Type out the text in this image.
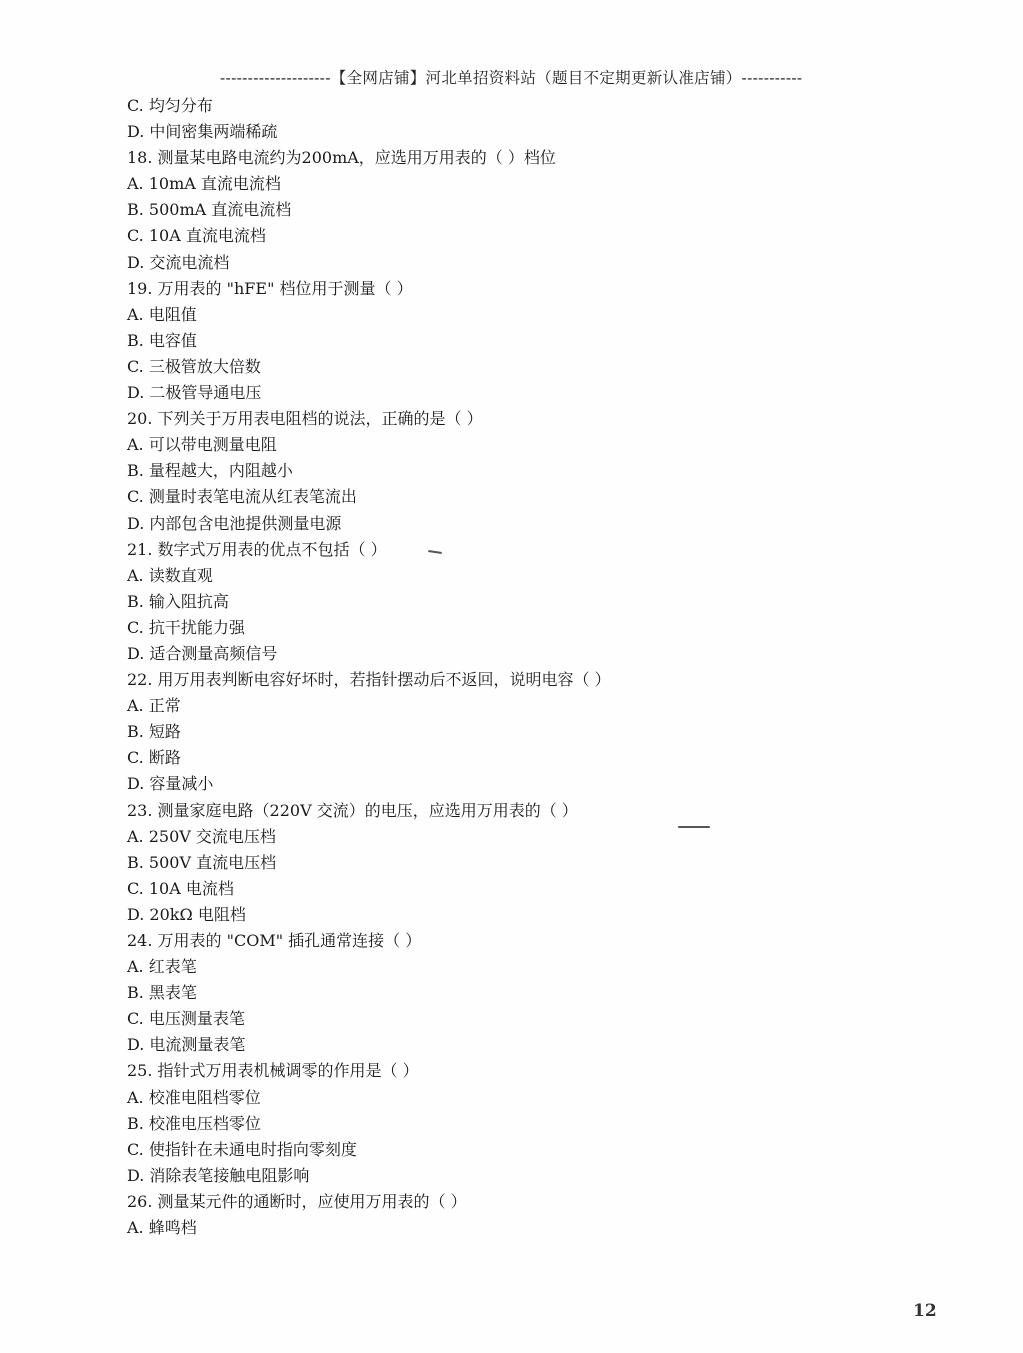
--------------------【全网店铺】河北单招资料站（题目不定期更新认准店铺）-----------
C. 均匀分布
D. 中间密集两端稀疏
18. 测量某电路电流约为200mA，应选用万用表的（ ）档位
A. 10mA 直流电流档
B. 500mA 直流电流档
C. 10A 直流电流档
D. 交流电流档
19. 万用表的 "hFE" 档位用于测量（ ）
A. 电阻值
B. 电容值
C. 三极管放大倍数
D. 二极管导通电压
20. 下列关于万用表电阻档的说法，正确的是（ ）
A. 可以带电测量电阻
B. 量程越大，内阻越小
C. 测量时表笔电流从红表笔流出
D. 内部包含电池提供测量电源
21. 数字式万用表的优点不包括（ ）
A. 读数直观
B. 输入阻抗高
C. 抗干扰能力强
D. 适合测量高频信号
22. 用万用表判断电容好坏时，若指针摆动后不返回，说明电容（ ）
A. 正常
B. 短路
C. 断路
D. 容量减小
23. 测量家庭电路（220V 交流）的电压，应选用万用表的（ ）
A. 250V 交流电压档
B. 500V 直流电压档
C. 10A 电流档
D. 20kΩ 电阻档
24. 万用表的 "COM" 插孔通常连接（ ）
A. 红表笔
B. 黑表笔
C. 电压测量表笔
D. 电流测量表笔
25. 指针式万用表机械调零的作用是（ ）
A. 校准电阻档零位
B. 校准电压档零位
C. 使指针在未通电时指向零刻度
D. 消除表笔接触电阻影响
26. 测量某元件的通断时，应使用万用表的（ ）
A. 蜂鸣档
12
